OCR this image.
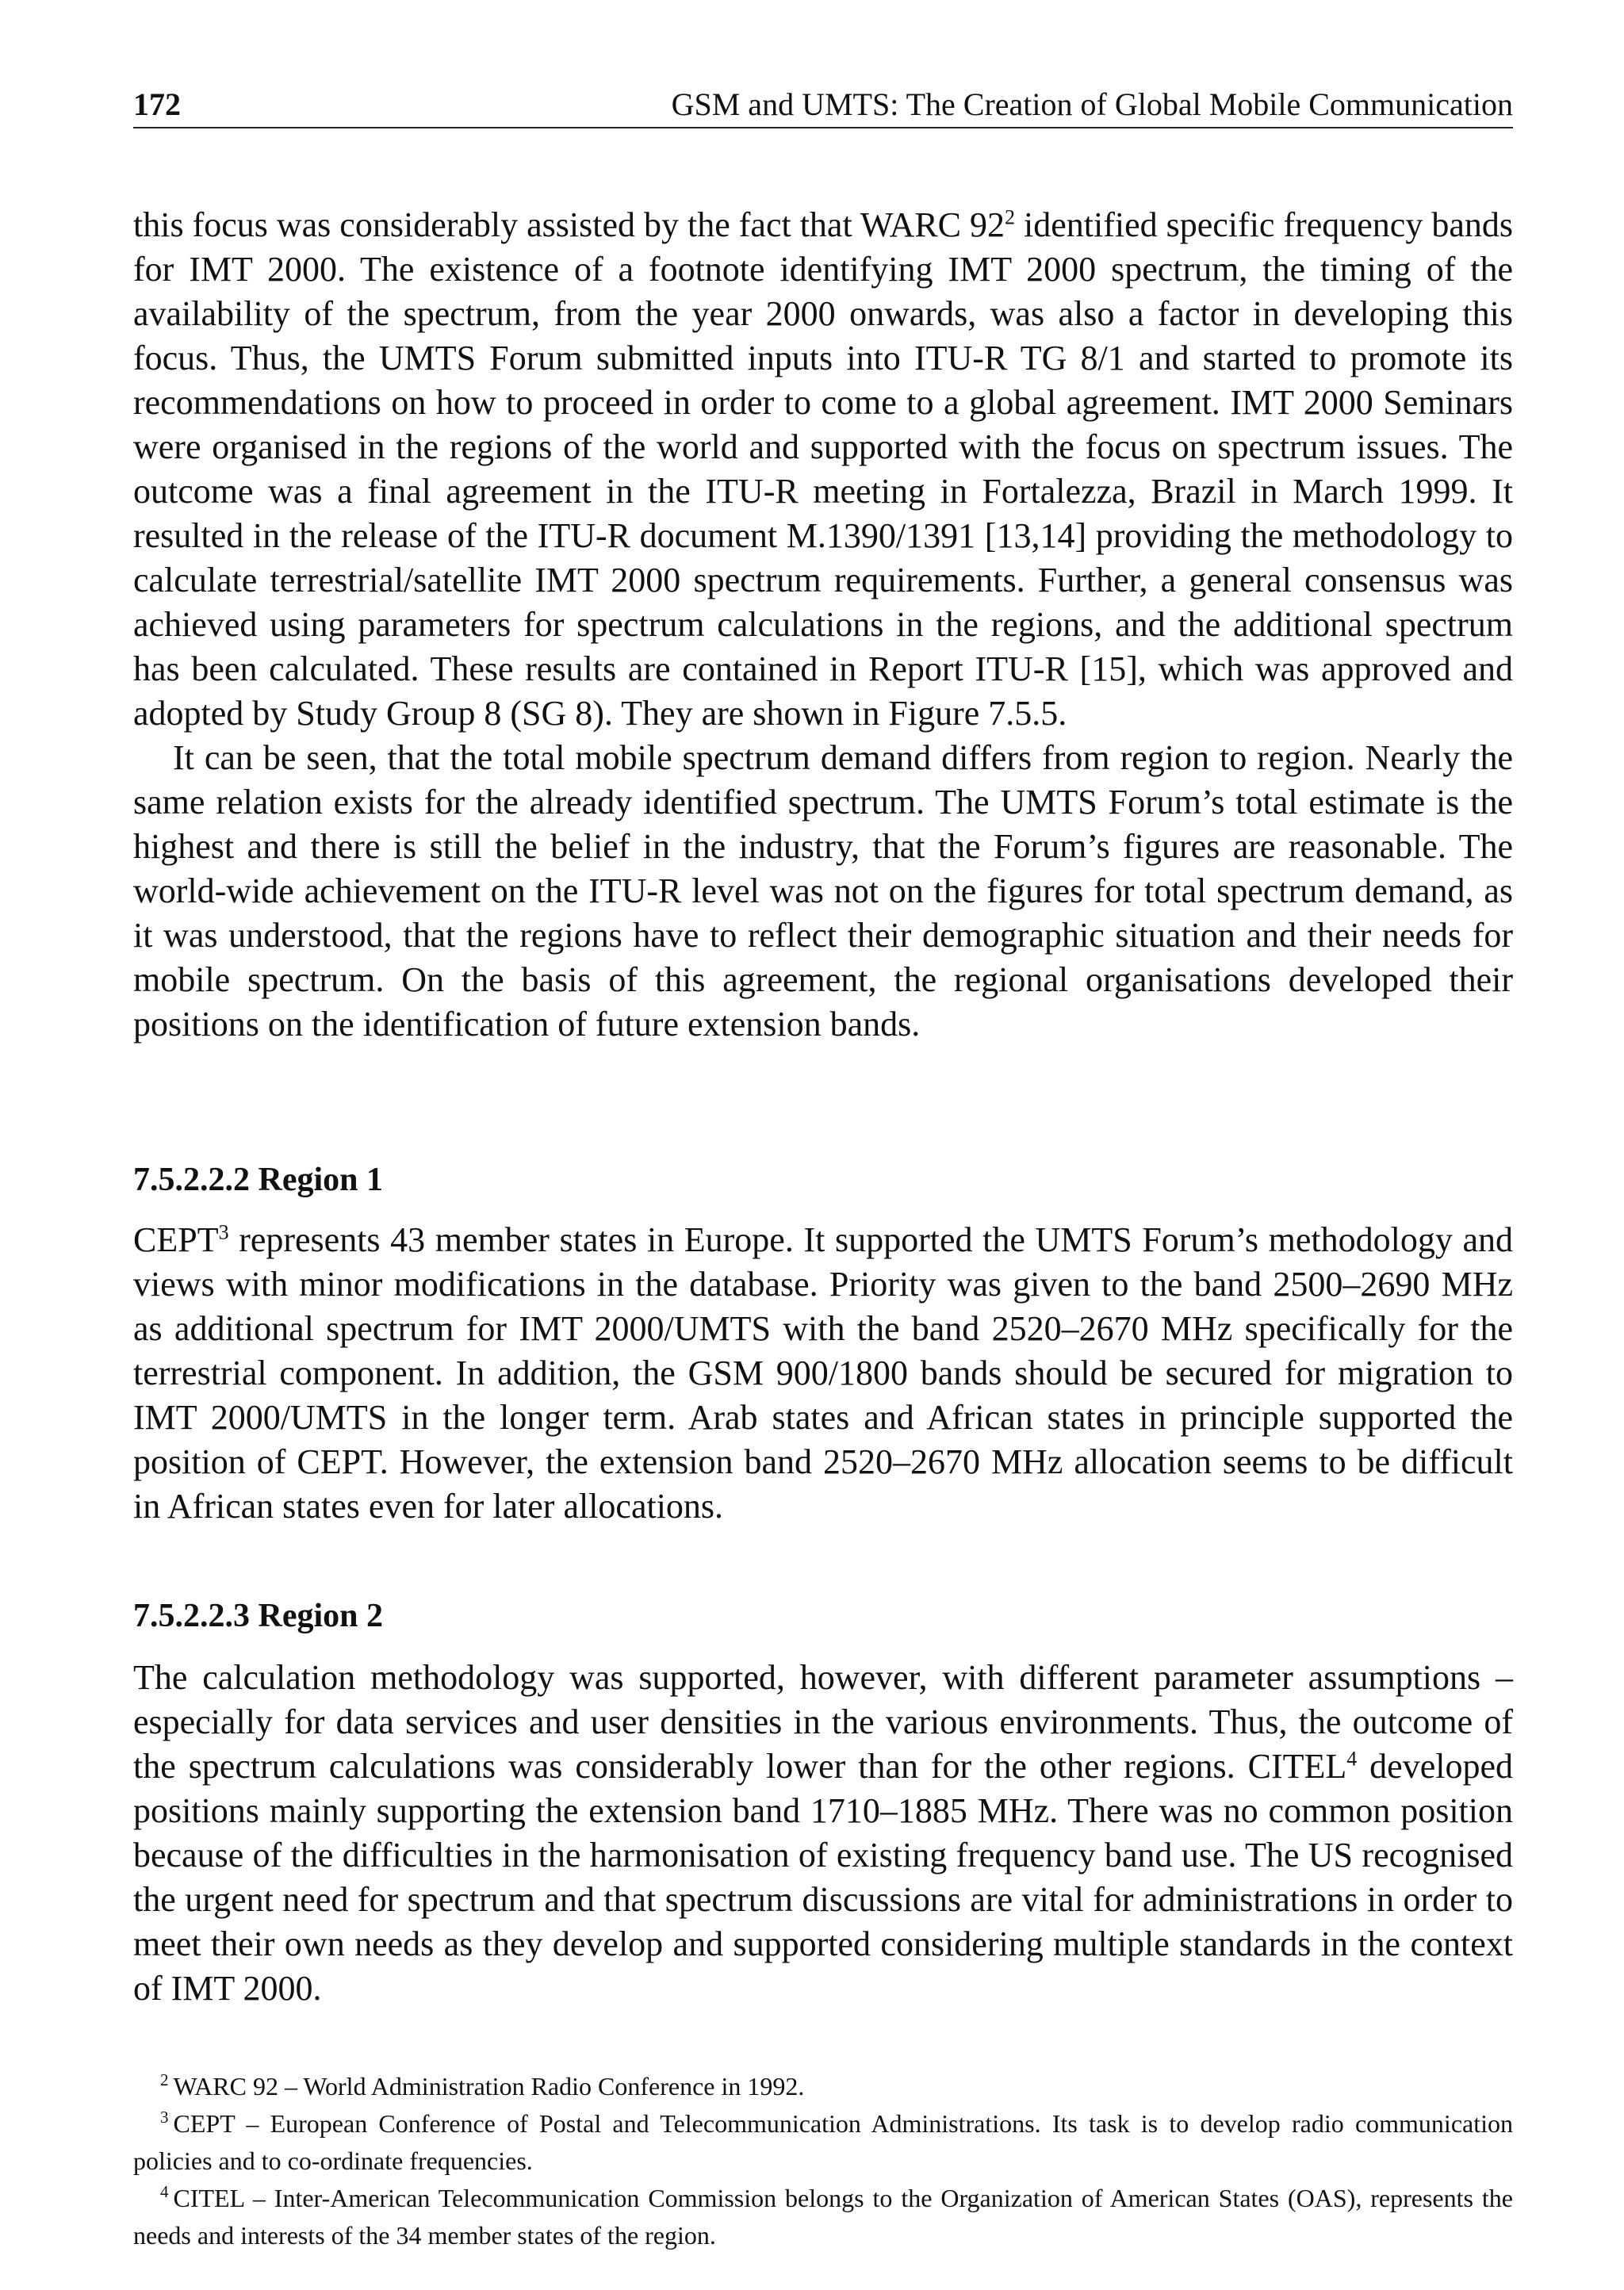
172	GSM and UMTS: The Creation of Global Mobile Communication

this focus was considerably assisted by the fact that WARC $92^2$ identified specific frequency bands for IMT 2000. The existence of a footnote identifying IMT 2000 spectrum, the timing of the availability of the spectrum, from the year 2000 onwards, was also a factor in developing this focus. Thus, the UMTS Forum submitted inputs into ITU-R TG 8/1 and started to promote its recommendations on how to proceed in order to come to a global agreement. IMT 2000 Seminars were organised in the regions of the world and supported with the focus on spectrum issues. The outcome was a final agreement in the ITU-R meeting in Fortalezza, Brazil in March 1999. It resulted in the release of the ITU-R document M.1390/1391 [13,14] providing the methodology to calculate terrestrial/satellite IMT 2000 spectrum requirements. Further, a general consensus was achieved using parameters for spectrum calculations in the regions, and the additional spectrum has been calculated. These results are contained in Report ITU-R [15], which was approved and adopted by Study Group 8 (SG 8). They are shown in Figure 7.5.5.

It can be seen, that the total mobile spectrum demand differs from region to region. Nearly the same relation exists for the already identified spectrum. The UMTS Forum’s total estimate is the highest and there is still the belief in the industry, that the Forum’s figures are reasonable. The world-wide achievement on the ITU-R level was not on the figures for total spectrum demand, as it was understood, that the regions have to reflect their demographic situation and their needs for mobile spectrum. On the basis of this agreement, the regional organisations developed their positions on the identification of future extension bands.

7.5.2.2.2 Region 1

CEPT$^3$ represents 43 member states in Europe. It supported the UMTS Forum’s methodology and views with minor modifications in the database. Priority was given to the band 2500–2690 MHz as additional spectrum for IMT 2000/UMTS with the band 2520–2670 MHz specifically for the terrestrial component. In addition, the GSM 900/1800 bands should be secured for migration to IMT 2000/UMTS in the longer term. Arab states and African states in principle supported the position of CEPT. However, the extension band 2520–2670 MHz allocation seems to be difficult in African states even for later allocations.

7.5.2.2.3 Region 2

The calculation methodology was supported, however, with different parameter assumptions – especially for data services and user densities in the various environments. Thus, the outcome of the spectrum calculations was considerably lower than for the other regions. CITEL$^4$ developed positions mainly supporting the extension band 1710–1885 MHz. There was no common position because of the difficulties in the harmonisation of existing frequency band use. The US recognised the urgent need for spectrum and that spectrum discussions are vital for administrations in order to meet their own needs as they develop and supported considering multiple standards in the context of IMT 2000.

$^2$ WARC 92 – World Administration Radio Conference in 1992.

$^3$ CEPT – European Conference of Postal and Telecommunication Administrations. Its task is to develop radio communication policies and to co-ordinate frequencies.

$^4$ CITEL – Inter-American Telecommunication Commission belongs to the Organization of American States (OAS), represents the needs and interests of the 34 member states of the region.
